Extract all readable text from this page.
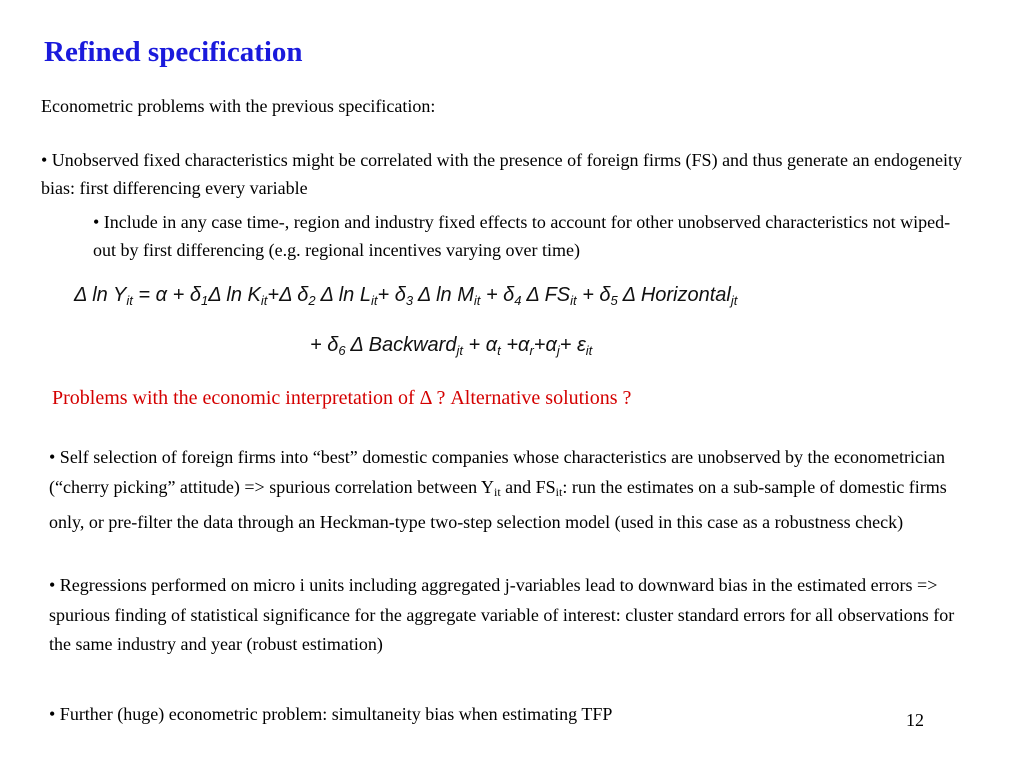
Refined specification
Econometric problems with the previous specification:
• Unobserved fixed characteristics might be correlated with the presence of foreign firms (FS) and thus generate an endogeneity bias: first differencing every variable
• Include in any case time-, region and industry fixed effects to account for other unobserved characteristics not wiped-out by first differencing (e.g. regional incentives varying over time)
Δ $\ln Y_{it} = \alpha + \delta_1\Delta$ $\ln K_{it}+\Delta$ $\delta_2$ Δ $\ln L_{it}+ \delta_3$ Δ $\ln M_{it} + \delta_4$ Δ $FS_{it} + \delta_5$ Δ Horizontal$_{jt}$
+ $\delta_6$ Δ Backward$_{jt}$ + $\alpha_t +\alpha_r+\alpha_j+ \varepsilon_{it}$
Problems with the economic interpretation of Δ ? Alternative solutions ?
• Self selection of foreign firms into “best” domestic companies whose characteristics are unobserved by the econometrician (“cherry picking” attitude) => spurious correlation between $Y_{it}$ and $FS_{it}$: run the estimates on a sub-sample of domestic firms only, or pre-filter the data through an Heckman-type two-step selection model (used in this case as a robustness check)
• Regressions performed on micro i units including aggregated j-variables lead to downward bias in the estimated errors => spurious finding of statistical significance for the aggregate variable of interest: cluster standard errors for all observations for the same industry and year (robust estimation)
• Further (huge) econometric problem: simultaneity bias when estimating TFP	12
